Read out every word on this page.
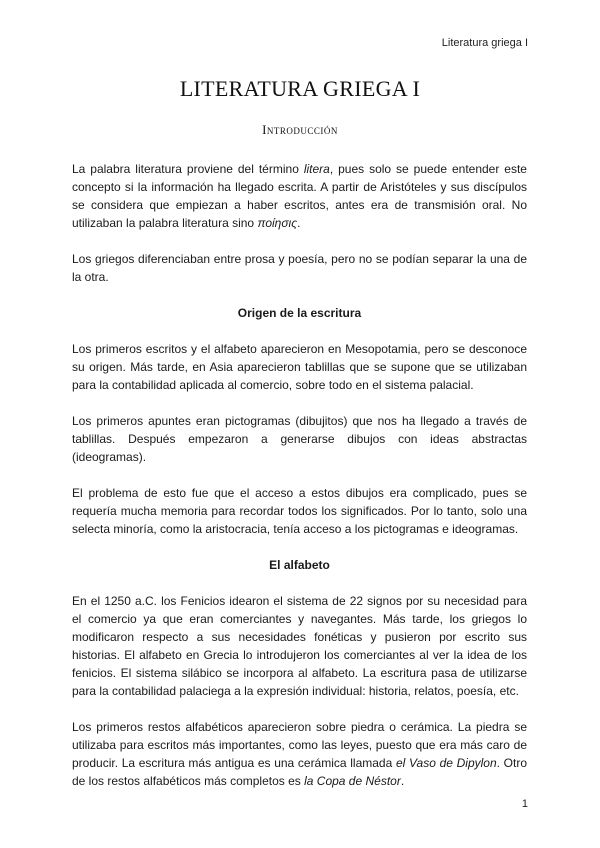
Literatura griega I
LITERATURA GRIEGA I
Introducción

La palabra literatura proviene del término litera, pues solo se puede entender este concepto si la información ha llegado escrita. A partir de Aristóteles y sus discípulos se considera que empiezan a haber escritos, antes era de transmisión oral. No utilizaban la palabra literatura sino ποίησις.

Los griegos diferenciaban entre prosa y poesía, pero no se podían separar la una de la otra.

Origen de la escritura

Los primeros escritos y el alfabeto aparecieron en Mesopotamia, pero se desconoce su origen. Más tarde, en Asia aparecieron tablillas que se supone que se utilizaban para la contabilidad aplicada al comercio, sobre todo en el sistema palacial.

Los primeros apuntes eran pictogramas (dibujitos) que nos ha llegado a través de tablillas. Después empezaron a generarse dibujos con ideas abstractas (ideogramas).

El problema de esto fue que el acceso a estos dibujos era complicado, pues se requería mucha memoria para recordar todos los significados. Por lo tanto, solo una selecta minoría, como la aristocracia, tenía acceso a los pictogramas e ideogramas.

El alfabeto

En el 1250 a.C. los Fenicios idearon el sistema de 22 signos por su necesidad para el comercio ya que eran comerciantes y navegantes. Más tarde, los griegos lo modificaron respecto a sus necesidades fonéticas y pusieron por escrito sus historias. El alfabeto en Grecia lo introdujeron los comerciantes al ver la idea de los fenicios. El sistema silábico se incorpora al alfabeto. La escritura pasa de utilizarse para la contabilidad palaciega a la expresión individual: historia, relatos, poesía, etc.

Los primeros restos alfabéticos aparecieron sobre piedra o cerámica. La piedra se utilizaba para escritos más importantes, como las leyes, puesto que era más caro de producir. La escritura más antigua es una cerámica llamada el Vaso de Dipylon. Otro de los restos alfabéticos más completos es la Copa de Néstor.

1
